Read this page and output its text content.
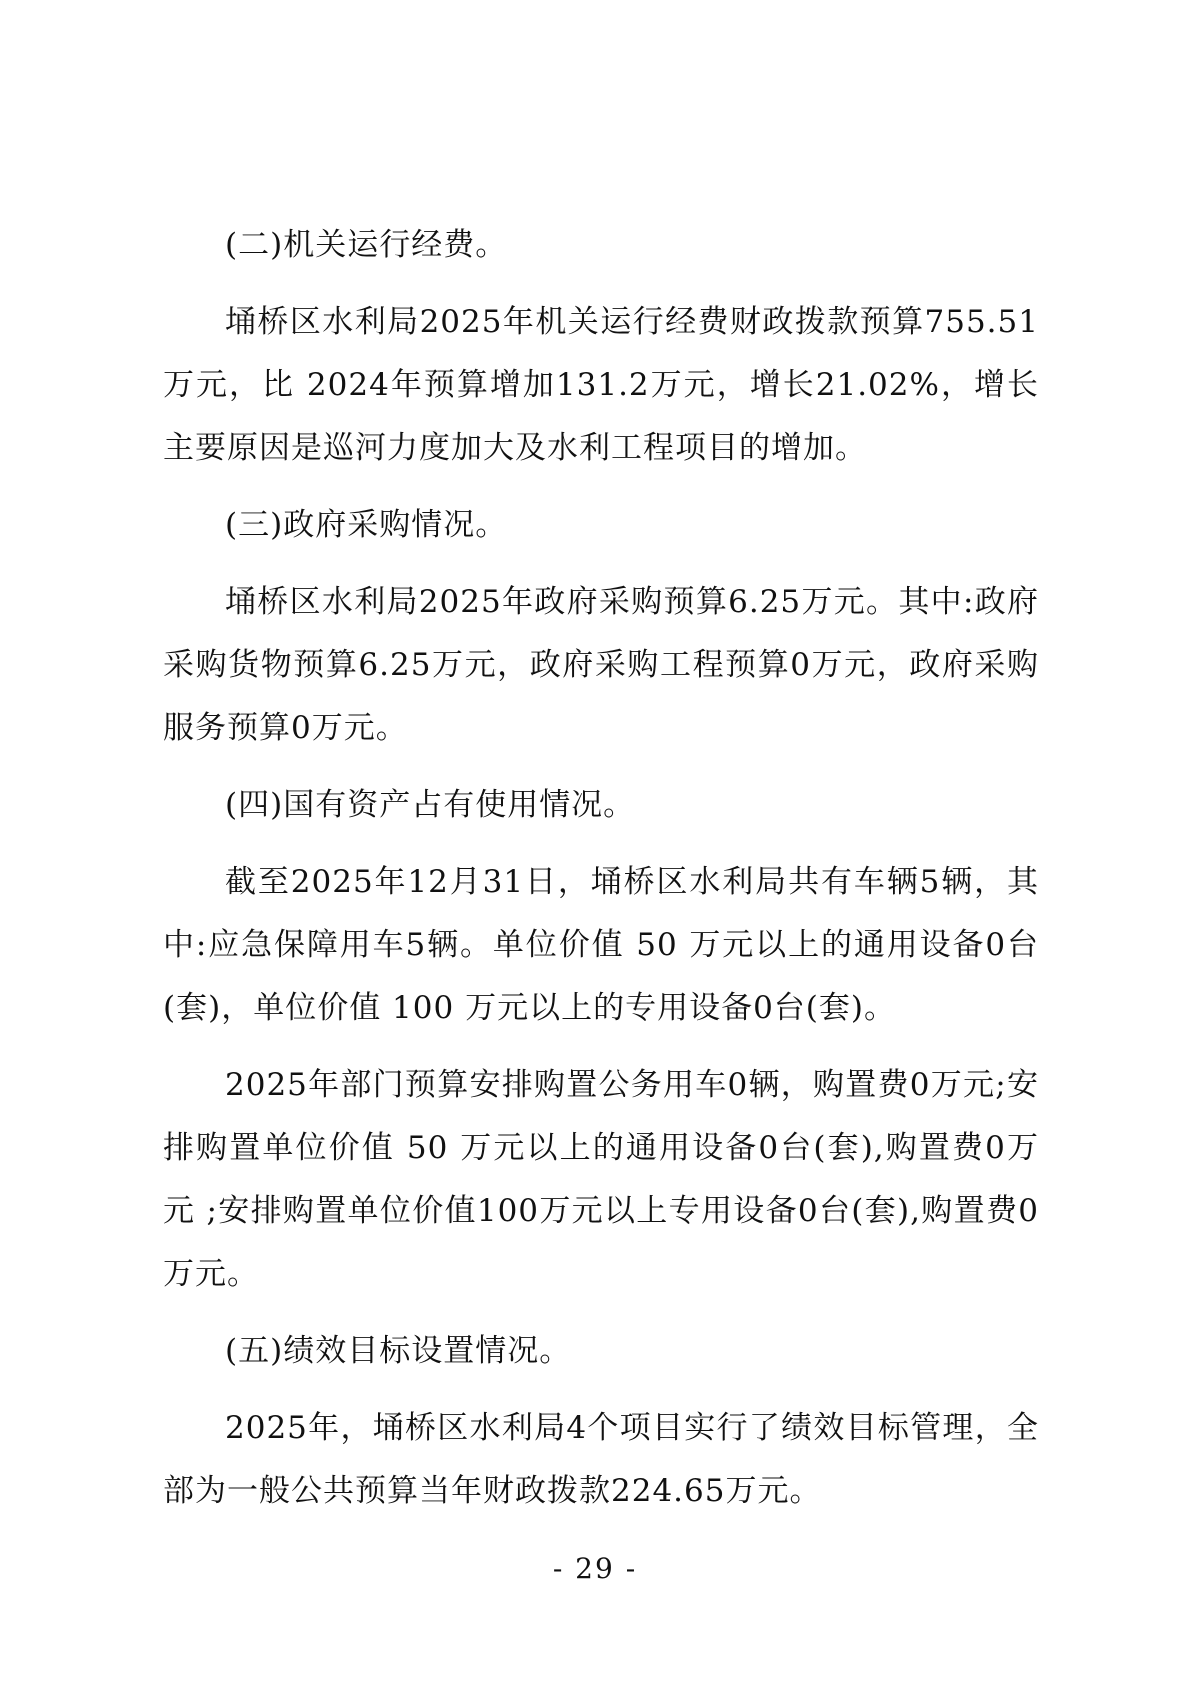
(二)机关运行经费。

埇桥区水利局2025年机关运行经费财政拨款预算755.51万元，比 2024年预算增加131.2万元，增长21.02%，增长主要原因是巡河力度加大及水利工程项目的增加。

(三)政府采购情况。

埇桥区水利局2025年政府采购预算6.25万元。其中:政府采购货物预算6.25万元，政府采购工程预算0万元，政府采购服务预算0万元。

(四)国有资产占有使用情况。

截至2025年12月31日，埇桥区水利局共有车辆5辆，其中:应急保障用车5辆。单位价值 50 万元以上的通用设备0台(套)，单位价值 100 万元以上的专用设备0台(套)。

2025年部门预算安排购置公务用车0辆，购置费0万元;安排购置单位价值 50 万元以上的通用设备0台(套),购置费0万元 ;安排购置单位价值100万元以上专用设备0台(套),购置费0万元。

(五)绩效目标设置情况。

2025年，埇桥区水利局4个项目实行了绩效目标管理，全部为一般公共预算当年财政拨款224.65万元。

- 29 -
